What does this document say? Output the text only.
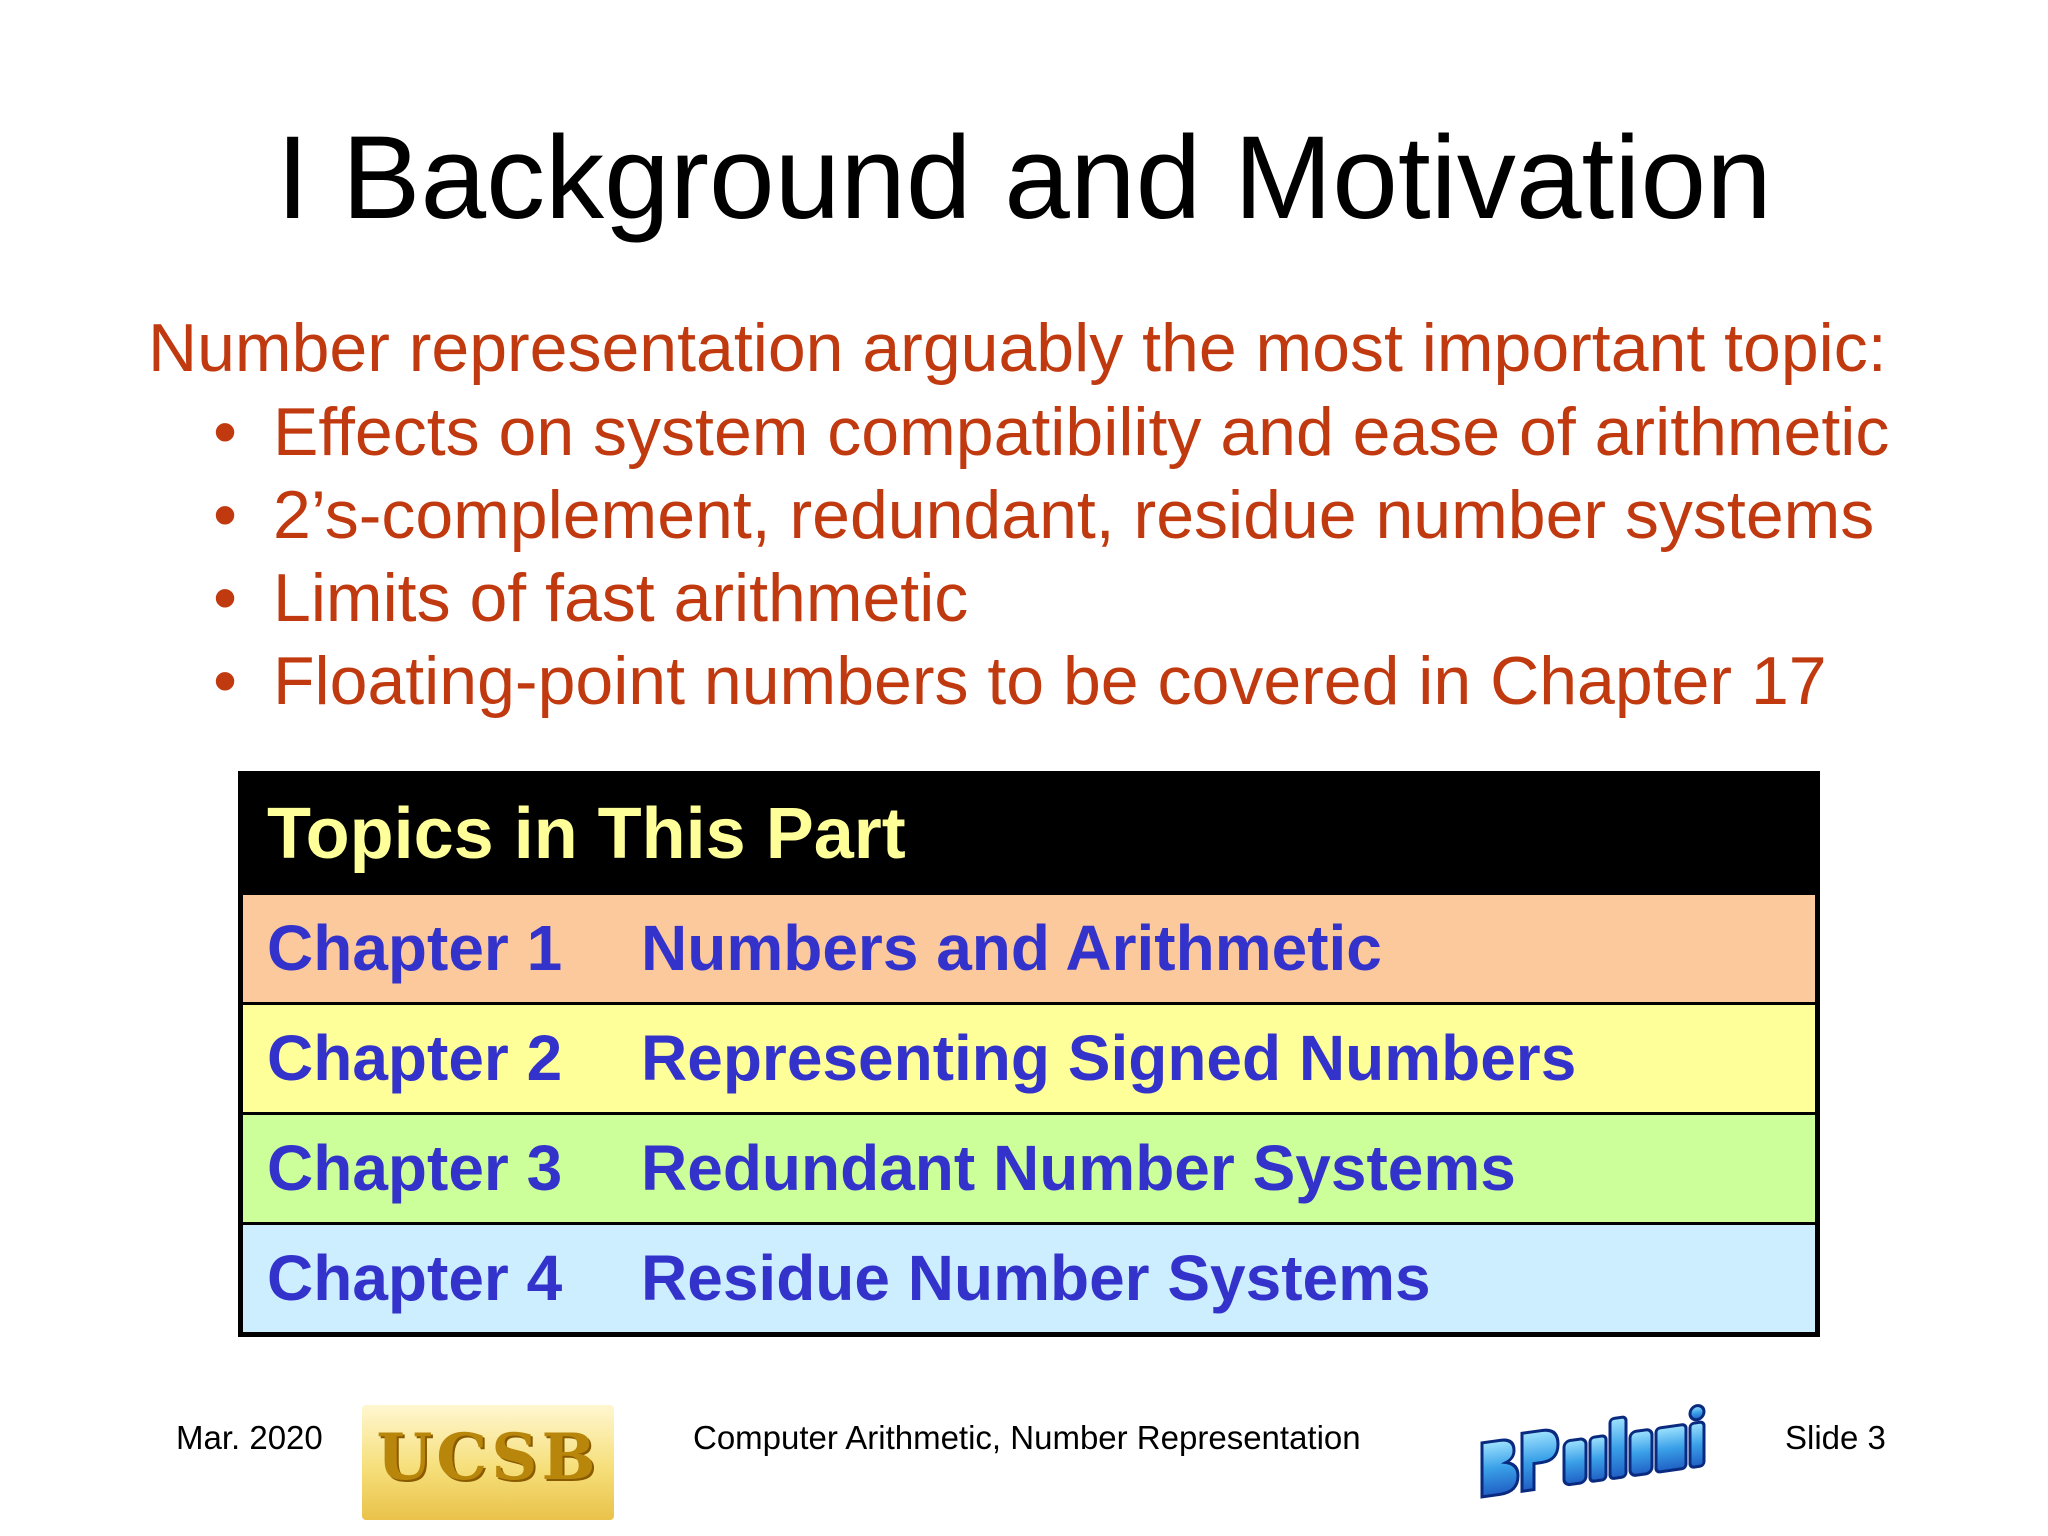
I Background and Motivation
Number representation arguably the most important topic:
• Effects on system compatibility and ease of arithmetic
• 2’s-complement, redundant, residue number systems
• Limits of fast arithmetic
• Floating-point numbers to be covered in Chapter 17
Topics in This Part
Chapter 1 Numbers and Arithmetic
Chapter 2 Representing Signed Numbers
Chapter 3 Redundant Number Systems
Chapter 4 Residue Number Systems
Mar. 2020 UCSB	Computer Arithmetic, Number Representation	Slide 3
